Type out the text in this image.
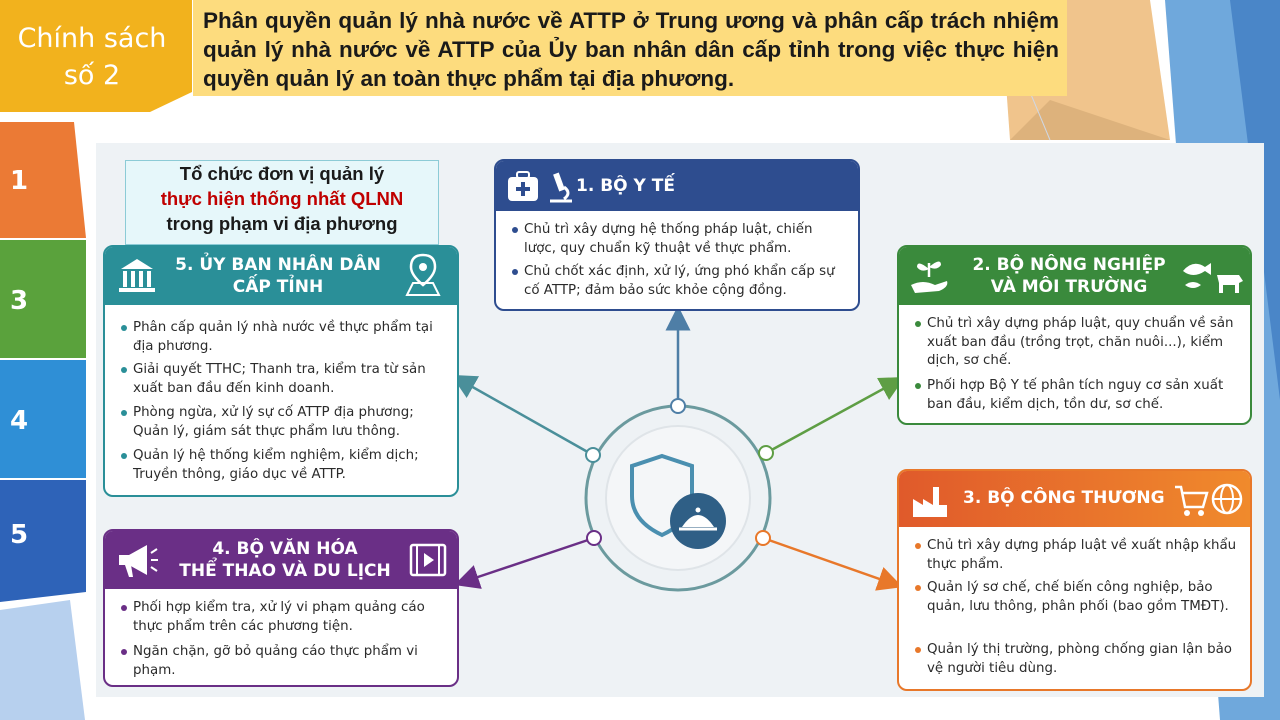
Chính sách
số 2
Phân quyền quản lý nhà nước về ATTP ở Trung ương và phân cấp trách nhiệm quản lý nhà nước về ATTP của Ủy ban nhân dân cấp tỉnh trong việc thực hiện quyền quản lý an toàn thực phẩm tại địa phương.
1
3
4
5
1. BỘ Y TẾ
Chủ trì xây dựng hệ thống pháp luật, chiến lược, quy chuẩn kỹ thuật về thực phẩm.
Chủ chốt xác định, xử lý, ứng phó khẩn cấp sự cố ATTP; đảm bảo sức khỏe cộng đồng.
2. BỘ NÔNG NGHIỆP
VÀ MÔI TRƯỜNG
Chủ trì xây dựng pháp luật, quy chuẩn về sản xuất ban đầu (trồng trọt, chăn nuôi...), kiểm dịch, sơ chế.
Phối hợp Bộ Y tế phân tích nguy cơ sản xuất ban đầu, kiểm dịch, tồn dư, sơ chế.
3. BỘ CÔNG THƯƠNG
Chủ trì xây dựng pháp luật về xuất nhập khẩu thực phẩm.
Quản lý sơ chế, chế biến công nghiệp, bảo quản, lưu thông, phân phối (bao gồm TMĐT).
Quản lý thị trường, phòng chống gian lận bảo vệ người tiêu dùng.
4. BỘ VĂN HÓA
THỂ THAO VÀ DU LỊCH
Phối hợp kiểm tra, xử lý vi phạm quảng cáo thực phẩm trên các phương tiện.
Ngăn chặn, gỡ bỏ quảng cáo thực phẩm vi phạm.
5. ỦY BAN NHÂN DÂN
CẤP TỈNH
Phân cấp quản lý nhà nước về thực phẩm tại địa phương.
Giải quyết TTHC; Thanh tra, kiểm tra từ sản xuất ban đầu đến kinh doanh.
Phòng ngừa, xử lý sự cố ATTP địa phương; Quản lý, giám sát thực phẩm lưu thông.
Quản lý hệ thống kiểm nghiệm, kiểm dịch; Truyền thông, giáo dục về ATTP.
Tổ chức đơn vị quản lý
thực hiện thống nhất QLNN
trong phạm vi địa phương
